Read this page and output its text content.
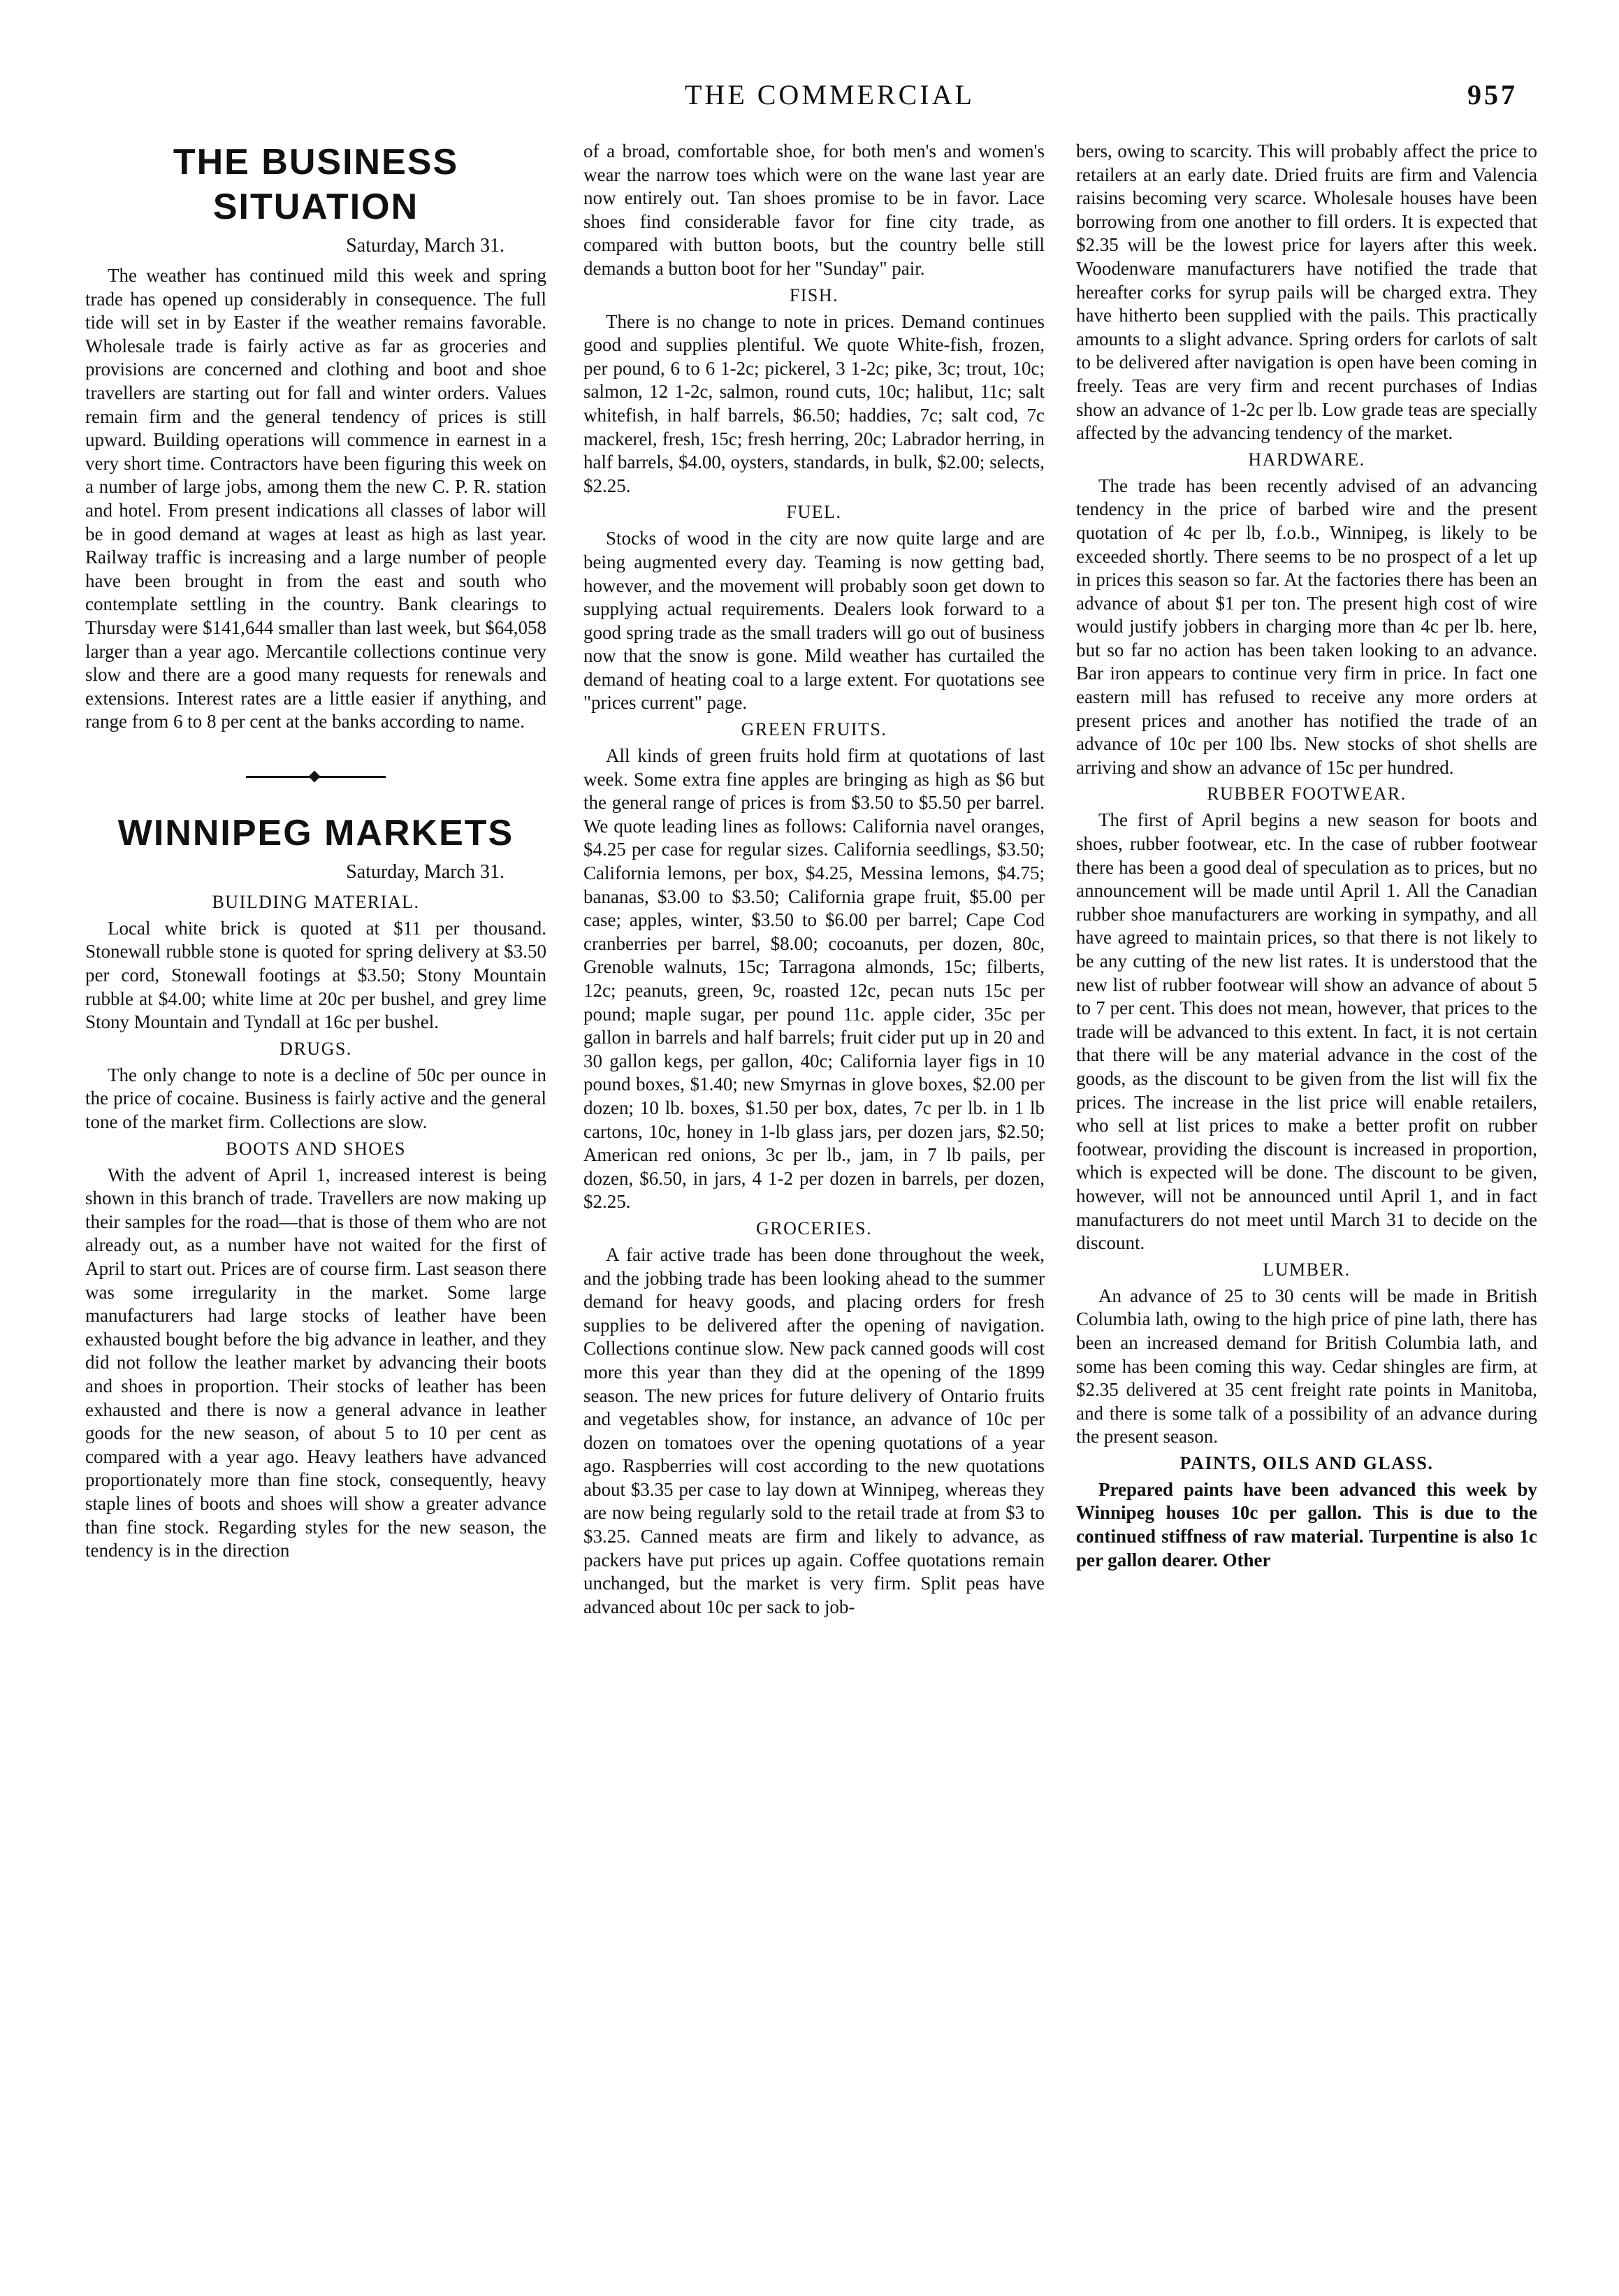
THE COMMERCIAL	957
THE BUSINESS SITUATION
Saturday, March 31.

The weather has continued mild this week and spring trade has opened up considerably in consequence. The full tide will set in by Easter if the weather remains favorable. Wholesale trade is fairly active as far as groceries and provisions are concerned and clothing and boot and shoe travellers are starting out for fall and winter orders. Values remain firm and the general tendency of prices is still upward. Building operations will commence in earnest in a very short time. Contractors have been figuring this week on a number of large jobs, among them the new C. P. R. station and hotel. From present indications all classes of labor will be in good demand at wages at least as high as last year. Railway traffic is increasing and a large number of people have been brought in from the east and south who contemplate settling in the country. Bank clearings to Thursday were $141,644 smaller than last week, but $64,058 larger than a year ago. Mercantile collections continue very slow and there are a good many requests for renewals and extensions. Interest rates are a little easier if anything, and range from 6 to 8 per cent at the banks according to name.

WINNIPEG MARKETS
Saturday, March 31.
BUILDING MATERIAL.

Local white brick is quoted at $11 per thousand. Stonewall rubble stone is quoted for spring delivery at $3.50 per cord, Stonewall footings at $3.50; Stony Mountain rubble at $4.00; white lime at 20c per bushel, and grey lime Stony Mountain and Tyndall at 16c per bushel.

DRUGS.

The only change to note is a decline of 50c per ounce in the price of cocaine. Business is fairly active and the general tone of the market firm. Collections are slow.

BOOTS AND SHOES

With the advent of April 1, increased interest is being shown in this branch of trade. Travellers are now making up their samples for the road—that is those of them who are not already out, as a number have not waited for the first of April to start out. Prices are of course firm. Last season there was some irregularity in the market. Some large manufacturers had large stocks of leather have been exhausted bought before the big advance in leather, and they did not follow the leather market by advancing their boots and shoes in proportion. Their stocks of leather has been exhausted and there is now a general advance in leather goods for the new season, of about 5 to 10 per cent as compared with a year ago. Heavy leathers have advanced proportionately more than fine stock, consequently, heavy staple lines of boots and shoes will show a greater advance than fine stock. Regarding styles for the new season, the tendency is in the direction

of a broad, comfortable shoe, for both men's and women's wear the narrow toes which were on the wane last year are now entirely out. Tan shoes promise to be in favor. Lace shoes find considerable favor for fine city trade, as compared with button boots, but the country belle still demands a button boot for her "Sunday" pair.

FISH.

There is no change to note in prices. Demand continues good and supplies plentiful. We quote White-fish, frozen, per pound, 6 to 6 1-2c; pickerel, 3 1-2c; pike, 3c; trout, 10c; salmon, 12 1-2c, salmon, round cuts, 10c; halibut, 11c; salt whitefish, in half barrels, $6.50; haddies, 7c; salt cod, 7c mackerel, fresh, 15c; fresh herring, 20c; Labrador herring, in half barrels, $4.00, oysters, standards, in bulk, $2.00; selects, $2.25.

FUEL.

Stocks of wood in the city are now quite large and are being augmented every day. Teaming is now getting bad, however, and the movement will probably soon get down to supplying actual requirements. Dealers look forward to a good spring trade as the small traders will go out of business now that the snow is gone. Mild weather has curtailed the demand of heating coal to a large extent. For quotations see "prices current" page.

GREEN FRUITS.

All kinds of green fruits hold firm at quotations of last week. Some extra fine apples are bringing as high as $6 but the general range of prices is from $3.50 to $5.50 per barrel. We quote leading lines as follows: California navel oranges, $4.25 per case for regular sizes. California seedlings, $3.50; California lemons, per box, $4.25, Messina lemons, $4.75; bananas, $3.00 to $3.50; California grape fruit, $5.00 per case; apples, winter, $3.50 to $6.00 per barrel; Cape Cod cranberries per barrel, $8.00; cocoanuts, per dozen, 80c, Grenoble walnuts, 15c; Tarragona almonds, 15c; filberts, 12c; peanuts, green, 9c, roasted 12c, pecan nuts 15c per pound; maple sugar, per pound 11c. apple cider, 35c per gallon in barrels and half barrels; fruit cider put up in 20 and 30 gallon kegs, per gallon, 40c; California layer figs in 10 pound boxes, $1.40; new Smyrnas in glove boxes, $2.00 per dozen; 10 lb. boxes, $1.50 per box, dates, 7c per lb. in 1 lb cartons, 10c, honey in 1-lb glass jars, per dozen jars, $2.50; American red onions, 3c per lb., jam, in 7 lb pails, per dozen, $6.50, in jars, 4 1-2 per dozen in barrels, per dozen, $2.25.

GROCERIES.

A fair active trade has been done throughout the week, and the jobbing trade has been looking ahead to the summer demand for heavy goods, and placing orders for fresh supplies to be delivered after the opening of navigation. Collections continue slow. New pack canned goods will cost more this year than they did at the opening of the 1899 season. The new prices for future delivery of Ontario fruits and vegetables show, for instance, an advance of 10c per dozen on tomatoes over the opening quotations of a year ago. Raspberries will cost according to the new quotations about $3.35 per case to lay down at Winnipeg, whereas they are now being regularly sold to the retail trade at from $3 to $3.25. Canned meats are firm and likely to advance, as packers have put prices up again. Coffee quotations remain unchanged, but the market is very firm. Split peas have advanced about 10c per sack to job-

bers, owing to scarcity. This will probably affect the price to retailers at an early date. Dried fruits are firm and Valencia raisins becoming very scarce. Wholesale houses have been borrowing from one another to fill orders. It is expected that $2.35 will be the lowest price for layers after this week. Woodenware manufacturers have notified the trade that hereafter corks for syrup pails will be charged extra. They have hitherto been supplied with the pails. This practically amounts to a slight advance. Spring orders for carlots of salt to be delivered after navigation is open have been coming in freely. Teas are very firm and recent purchases of Indias show an advance of 1-2c per lb. Low grade teas are specially affected by the advancing tendency of the market.

HARDWARE.

The trade has been recently advised of an advancing tendency in the price of barbed wire and the present quotation of 4c per lb, f.o.b., Winnipeg, is likely to be exceeded shortly. There seems to be no prospect of a let up in prices this season so far. At the factories there has been an advance of about $1 per ton. The present high cost of wire would justify jobbers in charging more than 4c per lb. here, but so far no action has been taken looking to an advance. Bar iron appears to continue very firm in price. In fact one eastern mill has refused to receive any more orders at present prices and another has notified the trade of an advance of 10c per 100 lbs. New stocks of shot shells are arriving and show an advance of 15c per hundred.

RUBBER FOOTWEAR.

The first of April begins a new season for boots and shoes, rubber footwear, etc. In the case of rubber footwear there has been a good deal of speculation as to prices, but no announcement will be made until April 1. All the Canadian rubber shoe manufacturers are working in sympathy, and all have agreed to maintain prices, so that there is not likely to be any cutting of the new list rates. It is understood that the new list of rubber footwear will show an advance of about 5 to 7 per cent. This does not mean, however, that prices to the trade will be advanced to this extent. In fact, it is not certain that there will be any material advance in the cost of the goods, as the discount to be given from the list will fix the prices. The increase in the list price will enable retailers, who sell at list prices to make a better profit on rubber footwear, providing the discount is increased in proportion, which is expected will be done. The discount to be given, however, will not be announced until April 1, and in fact manufacturers do not meet until March 31 to decide on the discount.

LUMBER.

An advance of 25 to 30 cents will be made in British Columbia lath, owing to the high price of pine lath, there has been an increased demand for British Columbia lath, and some has been coming this way. Cedar shingles are firm, at $2.35 delivered at 35 cent freight rate points in Manitoba, and there is some talk of a possibility of an advance during the present season.

PAINTS, OILS AND GLASS.

Prepared paints have been advanced this week by Winnipeg houses 10c per gallon. This is due to the continued stiffness of raw material. Turpentine is also 1c per gallon dearer. Other
